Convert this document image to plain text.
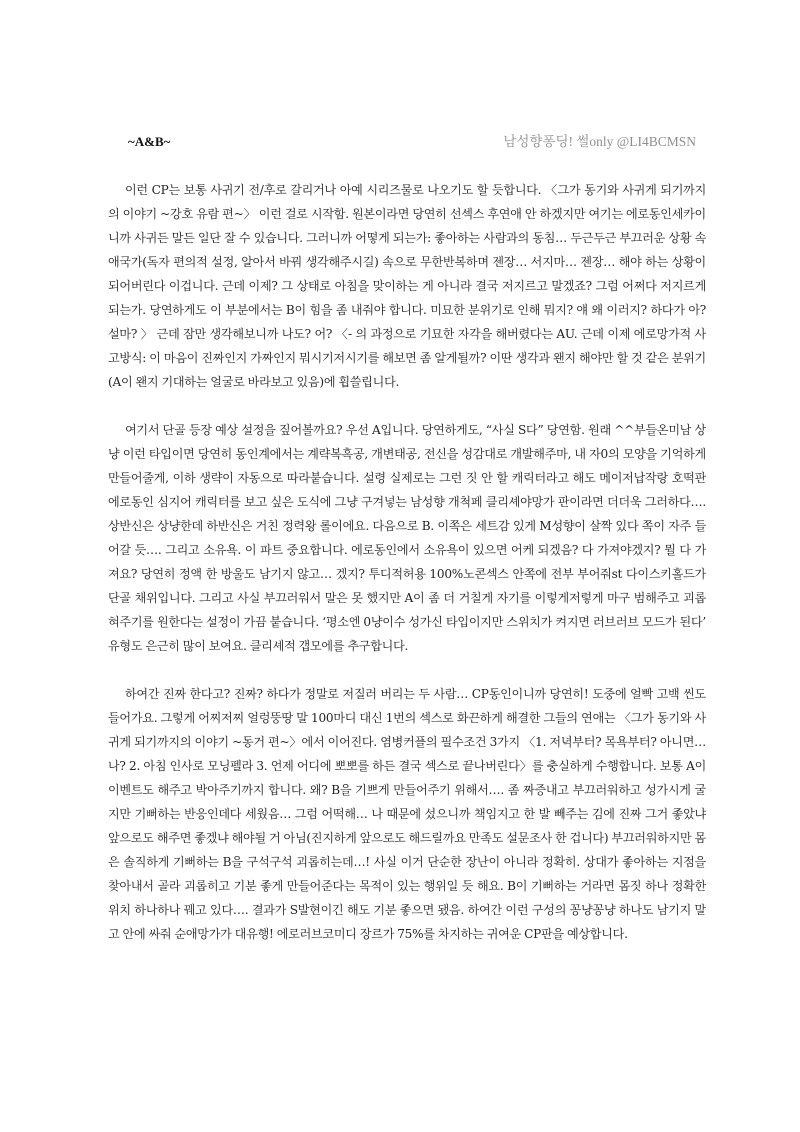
~A&B~	남성향퐁딩! 썰only @LI4BCMSN

이런 CP는 보통 사귀기 전/후로 갈리거나 아예 시리즈물로 나오기도 할 듯합니다. 〈그가 동기와 사귀게 되기까지의 이야기 ~강호 유람 편~〉 이런 걸로 시작함. 원본이라면 당연히 선섹스 후연애 안 하겠지만 여기는 에로동인세카이니까 사귀든 말든 일단 잘 수 있습니다. 그러니까 어떻게 되는가: 좋아하는 사람과의 동침… 두근두근 부끄러운 상황 속 애국가(독자 편의적 설정, 알아서 바꿔 생각해주시길) 속으로 무한반복하며 젠장… 서지마… 젠장… 해야 하는 상황이 되어버린다 이겁니다. 근데 이제? 그 상태로 아침을 맞이하는 게 아니라 결국 저지르고 말겠죠? 그럼 어쩌다 저지르게 되는가. 당연하게도 이 부분에서는 B이 힘을 좀 내줘야 합니다. 미묘한 분위기로 인해 뭐지? 얘 왜 이러지? 하다가 아? 설마? 〉 근데 잠만 생각해보니까 나도? 어? 〈- 의 과정으로 기묘한 자각을 해버렸다는 AU. 근데 이제 에로망가적 사고방식: 이 마음이 진짜인지 가짜인지 뭐시기저시기를 해보면 좀 알게될까? 이딴 생각과 왠지 해야만 할 것 같은 분위기(A이 왠지 기대하는 얼굴로 바라보고 있음)에 휩쓸립니다.

여기서 단골 등장 예상 설정을 짚어볼까요? 우선 A입니다. 당연하게도, “사실 S다” 당연함. 원래 ^^부들온미남 상냥 이런 타입이면 당연히 동인계에서는 계략복흑공, 개변태공, 전신을 성감대로 개발해주마, 내 자0의 모양을 기억하게 만들어줄게, 이하 생략이 자동으로 따라붙습니다. 설령 실제로는 그런 짓 안 할 캐릭터라고 해도 메이저납작랑 호떡판 에로동인 심지어 캐릭터를 보고 싶은 도식에 그냥 구겨넣는 남성향 개척페 클리셰야망가 판이라면 더더욱 그러하다…. 상반신은 상냥한데 하반신은 거친 정력왕 롤이에요. 다음으로 B. 이쪽은 세트감 있게 M성향이 살짝 있다 쪽이 자주 들어갈 듯…. 그리고 소유욕. 이 파트 중요합니다. 에로동인에서 소유욕이 있으면 어케 되겠음? 다 가져야겠지? 뭘 다 가져요? 당연히 정액 한 방울도 남기지 않고… 겠지? 투디적허용 100%노콘섹스 안쪽에 전부 부어줘st 다이스키홀드가 단골 채위입니다. 그리고 사실 부끄러워서 말은 못 했지만 A이 좀 더 거칠게 자기를 이렇게저렇게 마구 범해주고 괴롭혀주기를 원한다는 설정이 가끔 붙습니다. ‘평소엔 0냥이수 성가신 타입이지만 스위치가 켜지면 러브러브 모드가 된다’ 유형도 은근히 많이 보여요. 클리셰적 갭모에를 추구합니다.

하여간 진짜 한다고? 진짜? 하다가 정말로 저질러 버리는 두 사람… CP동인이니까 당연히! 도중에 얼빡 고백 씬도 들어가요. 그렇게 어찌저찌 얼렁뚱땅 말 100마디 대신 1번의 섹스로 화끈하게 해결한 그들의 연애는 〈그가 동기와 사귀게 되기까지의 이야기 ~동거 편~〉에서 이어진다. 염병커플의 필수조건 3가지 〈1. 저녁부터? 목욕부터? 아니면… 나? 2. 아침 인사로 모닝펠라 3. 언제 어디에 뽀뽀를 하든 결국 섹스로 끝나버린다〉를 충실하게 수행합니다. 보통 A이 이벤트도 해주고 박아주기까지 합니다. 왜? B을 기쁘게 만들어주기 위해서…. 좀 짜증내고 부끄러워하고 성가시게 굴지만 기뻐하는 반응인데다 세웠음… 그럼 어떡해… 나 때문에 섰으니까 책임지고 한 발 빼주는 김에 진짜 그거 좋았냐 앞으로도 해주면 좋겠냐 해야될 거 아님(진지하게 앞으로도 해드릴까요 만족도 설문조사 한 겁니다) 부끄러워하지만 몸은 솔직하게 기뻐하는 B을 구석구석 괴롭히는데…! 사실 이거 단순한 장난이 아니라 정확히. 상대가 좋아하는 지점을 찾아내서 골라 괴롭히고 기분 좋게 만들어준다는 목적이 있는 행위일 듯 해요. B이 기뻐하는 거라면 몸짓 하나 정확한 위치 하나하나 꿰고 있다…. 결과가 S발현이긴 해도 기분 좋으면 됐음. 하여간 이런 구성의 꽁냥꽁냥 하나도 남기지 말고 안에 싸줘 순애망가가 대유행! 에로러브코미디 장르가 75%를 차지하는 귀여운 CP판을 예상합니다.
